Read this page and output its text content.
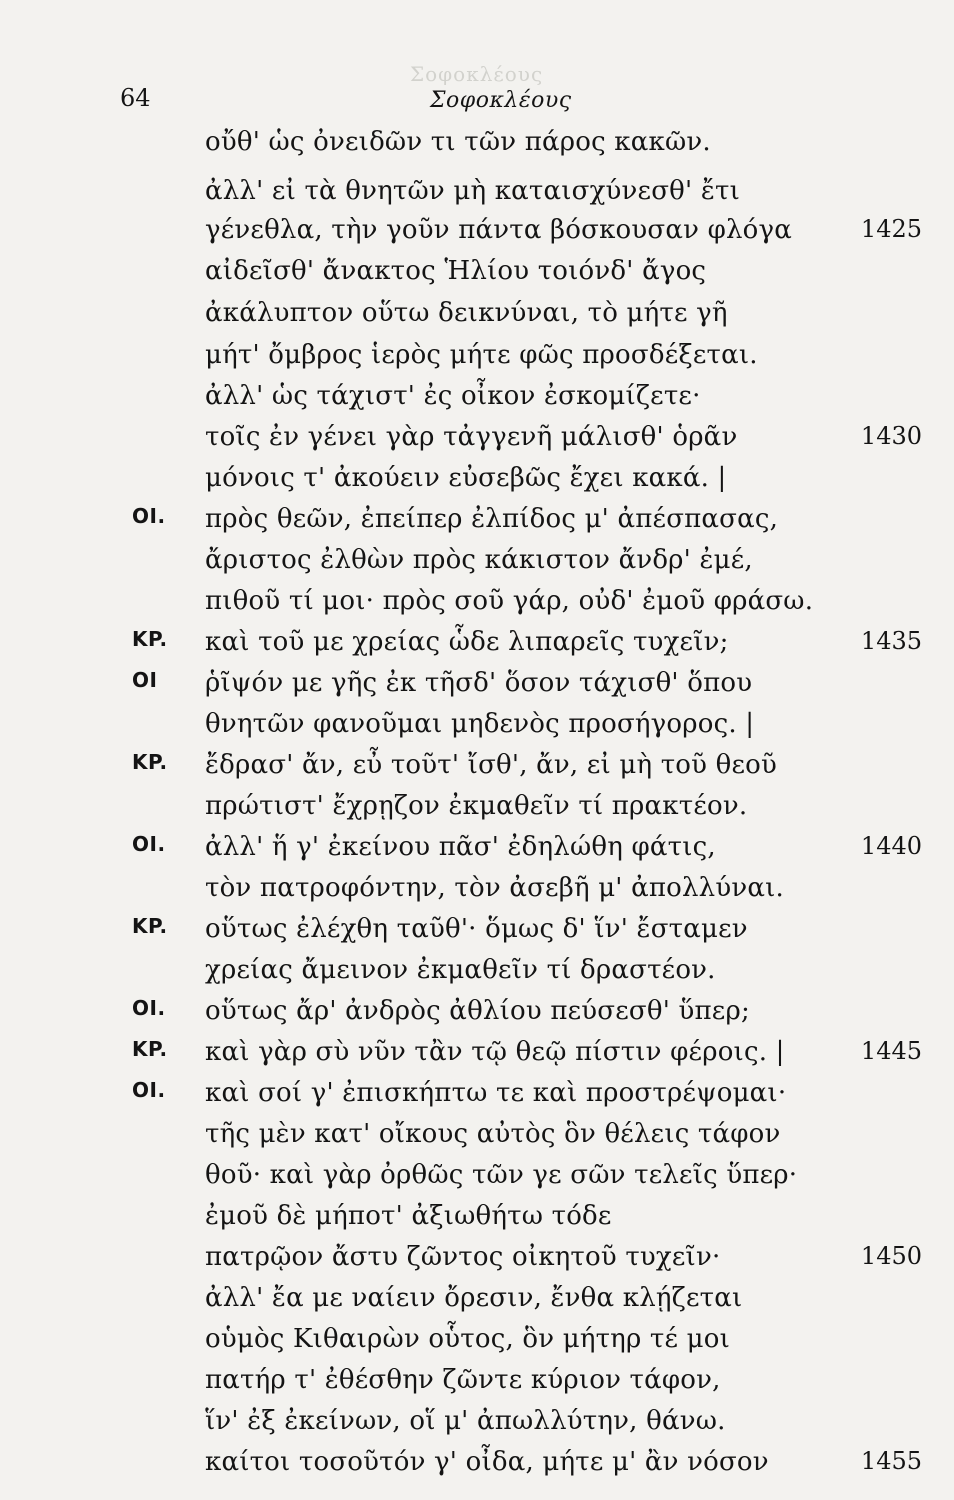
Σοφοκλέους
64	Σοφοκλέους
οὔθ' ὡς ὀνειδῶν τι τῶν πάρος κακῶν.
ἀλλ' εἰ τὰ θνητῶν μὴ καταισχύνεσθ' ἔτι
γένεθλα, τὴν γοῦν πάντα βόσκουσαν φλόγα	1425
αἰδεῖσθ' ἄνακτος Ἡλίου τοιόνδ' ἄγος
ἀκάλυπτον οὕτω δεικνύναι, τὸ μήτε γῆ
μήτ' ὄμβρος ἱερὸς μήτε φῶς προσδέξεται.
ἀλλ' ὡς τάχιστ' ἐς οἶκον ἐσκομίζετε·
τοῖς ἐν γένει γὰρ τἀγγενῆ μάλισθ' ὁρᾶν	1430
μόνοις τ' ἀκούειν εὐσεβῶς ἔχει κακά. |
OI. πρὸς θεῶν, ἐπείπερ ἐλπίδος μ' ἀπέσπασας,
ἄριστος ἐλθὼν πρὸς κάκιστον ἄνδρ' ἐμέ,
πιθοῦ τί μοι· πρὸς σοῦ γάρ, οὐδ' ἐμοῦ φράσω.
KP. καὶ τοῦ με χρείας ὧδε λιπαρεῖς τυχεῖν;	1435
OI ῥῖψόν με γῆς ἐκ τῆσδ' ὅσον τάχισθ' ὅπου
θνητῶν φανοῦμαι μηδενὸς προσήγορος. |
KP. ἔδρασ' ἄν, εὖ τοῦτ' ἴσθ', ἄν, εἰ μὴ τοῦ θεοῦ
πρώτιστ' ἔχρῃζον ἐκμαθεῖν τί πρακτέον.
OI. ἀλλ' ἥ γ' ἐκείνου πᾶσ' ἐδηλώθη φάτις,	1440
τὸν πατροφόντην, τὸν ἀσεβῆ μ' ἀπολλύναι.
KP. οὕτως ἐλέχθη ταῦθ'· ὅμως δ' ἵν' ἔσταμεν
χρείας ἄμεινον ἐκμαθεῖν τί δραστέον.
OI. οὕτως ἄρ' ἀνδρὸς ἀθλίου πεύσεσθ' ὕπερ;
KP. καὶ γὰρ σὺ νῦν τἂν τῷ θεῷ πίστιν φέροις. |	1445
OI. καὶ σοί γ' ἐπισκήπτω τε καὶ προστρέψομαι·
τῆς μὲν κατ' οἴκους αὐτὸς ὃν θέλεις τάφον
θοῦ· καὶ γὰρ ὀρθῶς τῶν γε σῶν τελεῖς ὕπερ·
ἐμοῦ δὲ μήποτ' ἀξιωθήτω τόδε
πατρῷον ἄστυ ζῶντος οἰκητοῦ τυχεῖν·	1450
ἀλλ' ἔα με ναίειν ὄρεσιν, ἔνθα κλῄζεται
οὑμὸς Κιθαιρὼν οὗτος, ὃν μήτηρ τέ μοι
πατήρ τ' ἐθέσθην ζῶντε κύριον τάφον,
ἵν' ἐξ ἐκείνων, οἵ μ' ἀπωλλύτην, θάνω.
καίτοι τοσοῦτόν γ' οἶδα, μήτε μ' ἂν νόσον	1455
